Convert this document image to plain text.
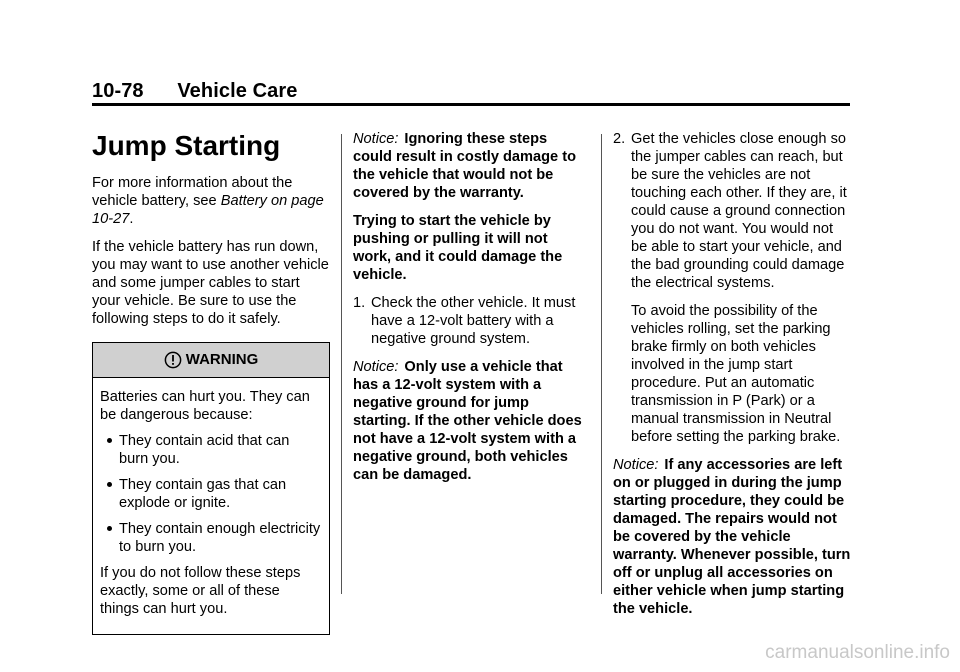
10-78 Vehicle Care
Jump Starting

For more information about the vehicle battery, see Battery on page 10-27.

If the vehicle battery has run down, you may want to use another vehicle and some jumper cables to start your vehicle. Be sure to use the following steps to do it safely.

WARNING

Batteries can hurt you. They can be dangerous because:

They contain acid that can burn you.
They contain gas that can explode or ignite.
They contain enough electricity to burn you.

If you do not follow these steps exactly, some or all of these things can hurt you.

Notice: Ignoring these steps could result in costly damage to the vehicle that would not be covered by the warranty.

Trying to start the vehicle by pushing or pulling it will not work, and it could damage the vehicle.

1. Check the other vehicle. It must have a 12-volt battery with a negative ground system.

Notice: Only use a vehicle that has a 12-volt system with a negative ground for jump starting. If the other vehicle does not have a 12-volt system with a negative ground, both vehicles can be damaged.

2. Get the vehicles close enough so the jumper cables can reach, but be sure the vehicles are not touching each other. If they are, it could cause a ground connection you do not want. You would not be able to start your vehicle, and the bad grounding could damage the electrical systems.

To avoid the possibility of the vehicles rolling, set the parking brake firmly on both vehicles involved in the jump start procedure. Put an automatic transmission in P (Park) or a manual transmission in Neutral before setting the parking brake.

Notice: If any accessories are left on or plugged in during the jump starting procedure, they could be damaged. The repairs would not be covered by the vehicle warranty. Whenever possible, turn off or unplug all accessories on either vehicle when jump starting the vehicle.

carmanualsonline.info
